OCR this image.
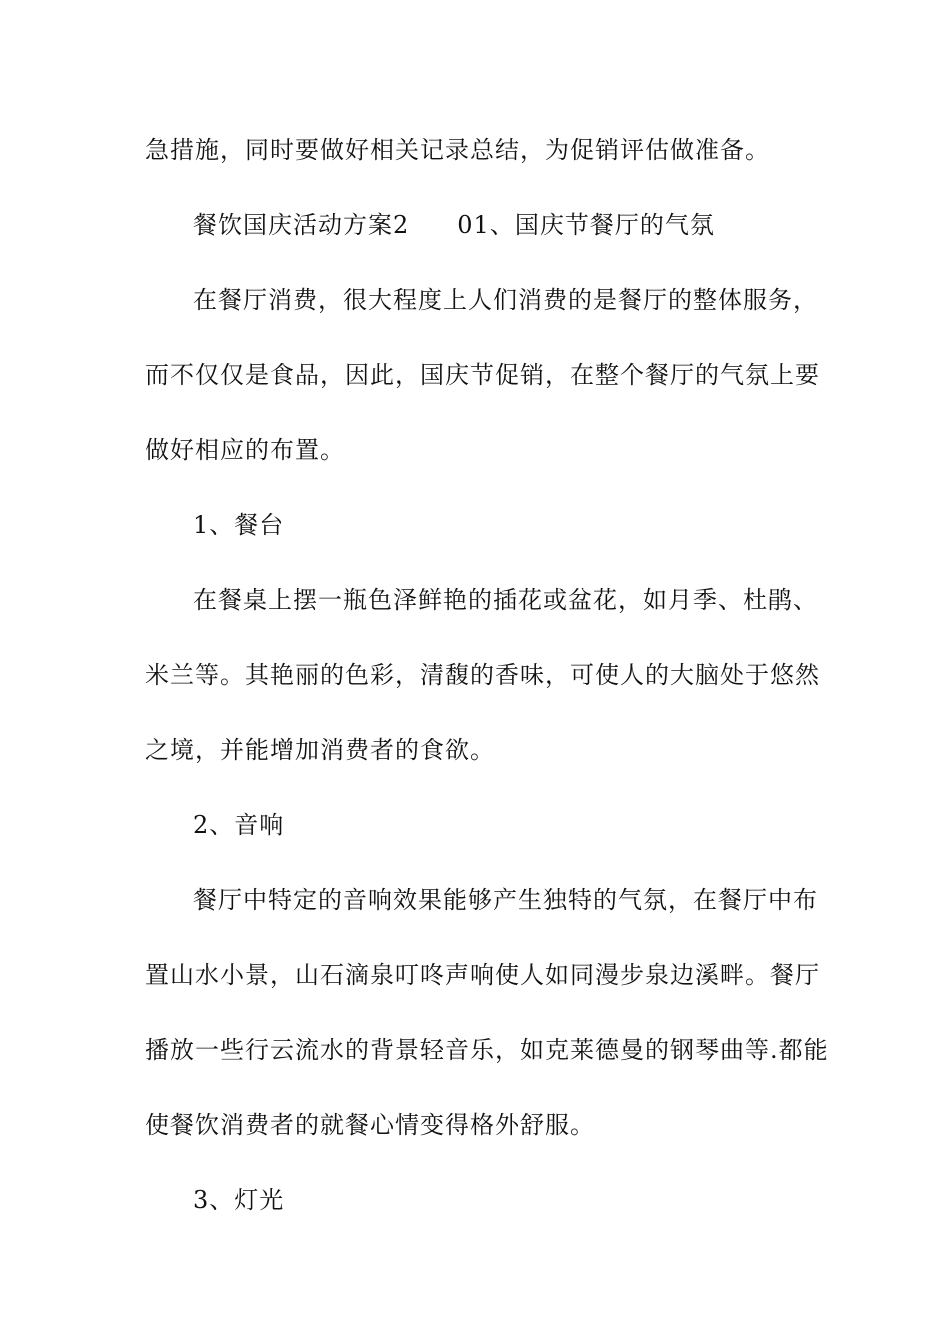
急措施，同时要做好相关记录总结，为促销评估做准备。
餐饮国庆活动方案2 01、国庆节餐厅的气氛
在餐厅消费，很大程度上人们消费的是餐厅的整体服务，
而不仅仅是食品，因此，国庆节促销，在整个餐厅的气氛上要
做好相应的布置。
1、餐台
在餐桌上摆一瓶色泽鲜艳的插花或盆花，如月季、杜鹃、
米兰等。其艳丽的色彩，清馥的香味，可使人的大脑处于悠然
之境，并能增加消费者的食欲。
2、音响
餐厅中特定的音响效果能够产生独特的气氛，在餐厅中布
置山水小景，山石滴泉叮咚声响使人如同漫步泉边溪畔。餐厅
播放一些行云流水的背景轻音乐，如克莱德曼的钢琴曲等.都能
使餐饮消费者的就餐心情变得格外舒服。
3、灯光
